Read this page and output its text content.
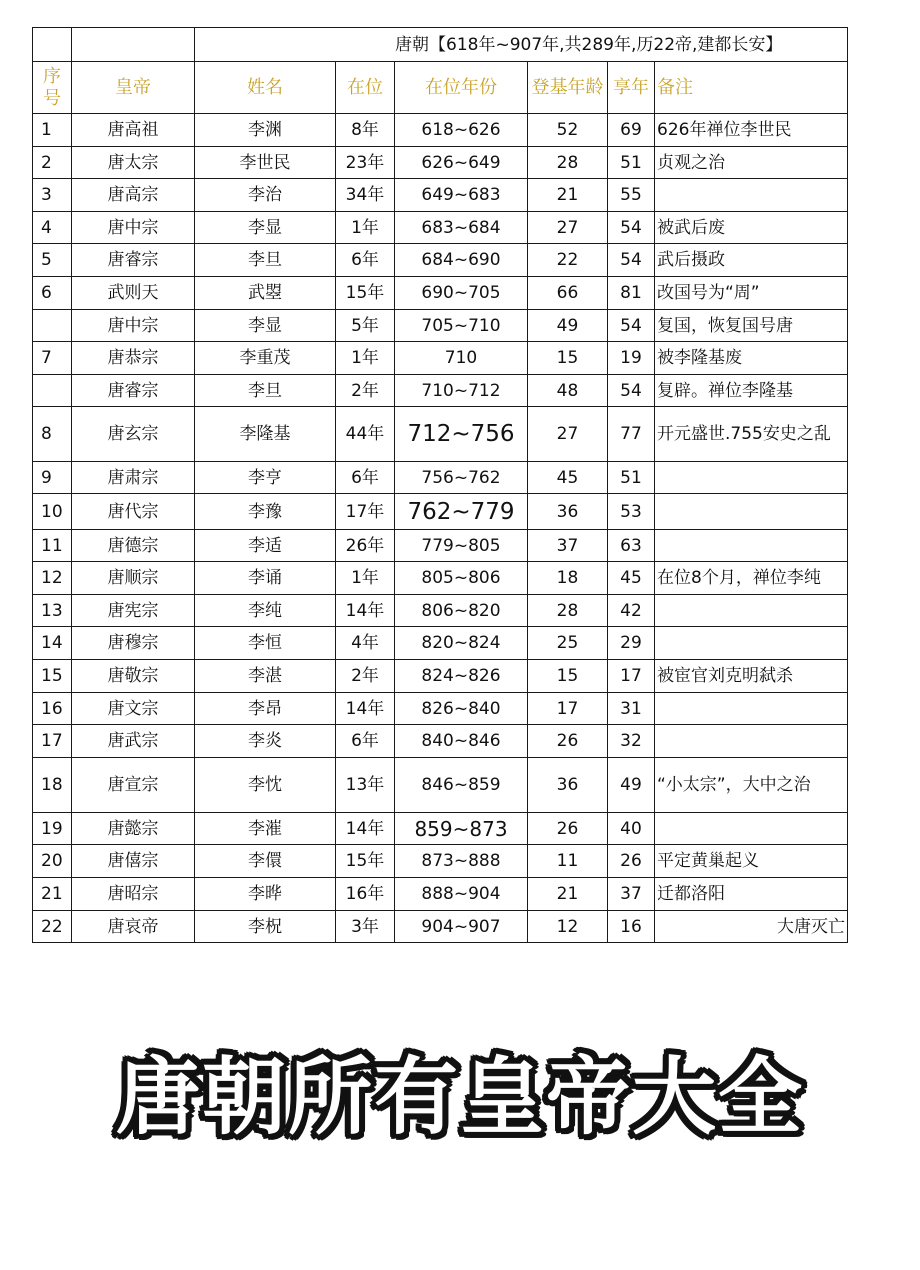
		唐朝【618年~907年,共289年,历22帝,建都长安】					
序号	皇帝	姓名	在位	在位年份	登基年龄	享年	备注
1	唐高祖	李渊	8年	618~626	52	69	626年禅位李世民
2	唐太宗	李世民	23年	626~649	28	51	贞观之治
3	唐高宗	李治	34年	649~683	21	55	
4	唐中宗	李显	1年	683~684	27	54	被武后废
5	唐睿宗	李旦	6年	684~690	22	54	武后摄政
6	武则天	武曌	15年	690~705	66	81	改国号为“周”
	唐中宗	李显	5年	705~710	49	54	复国，恢复国号唐
7	唐恭宗	李重茂	1年	710	15	19	被李隆基废
	唐睿宗	李旦	2年	710~712	48	54	复辟。禅位李隆基
8	唐玄宗	李隆基	44年	712~756	27	77	开元盛世.755安史之乱
9	唐肃宗	李亨	6年	756~762	45	51	
10	唐代宗	李豫	17年	762~779	36	53	
11	唐德宗	李适	26年	779~805	37	63	
12	唐顺宗	李诵	1年	805~806	18	45	在位8个月，禅位李纯
13	唐宪宗	李纯	14年	806~820	28	42	
14	唐穆宗	李恒	4年	820~824	25	29	
15	唐敬宗	李湛	2年	824~826	15	17	被宦官刘克明弑杀
16	唐文宗	李昂	14年	826~840	17	31	
17	唐武宗	李炎	6年	840~846	26	32	
18	唐宣宗	李忱	13年	846~859	36	49	“小太宗”，大中之治
19	唐懿宗	李漼	14年	859~873	26	40	
20	唐僖宗	李儇	15年	873~888	11	26	平定黄巢起义
21	唐昭宗	李晔	16年	888~904	21	37	迁都洛阳
22	唐哀帝	李柷	3年	904~907	12	16	大唐灭亡
唐朝所有皇帝大全
